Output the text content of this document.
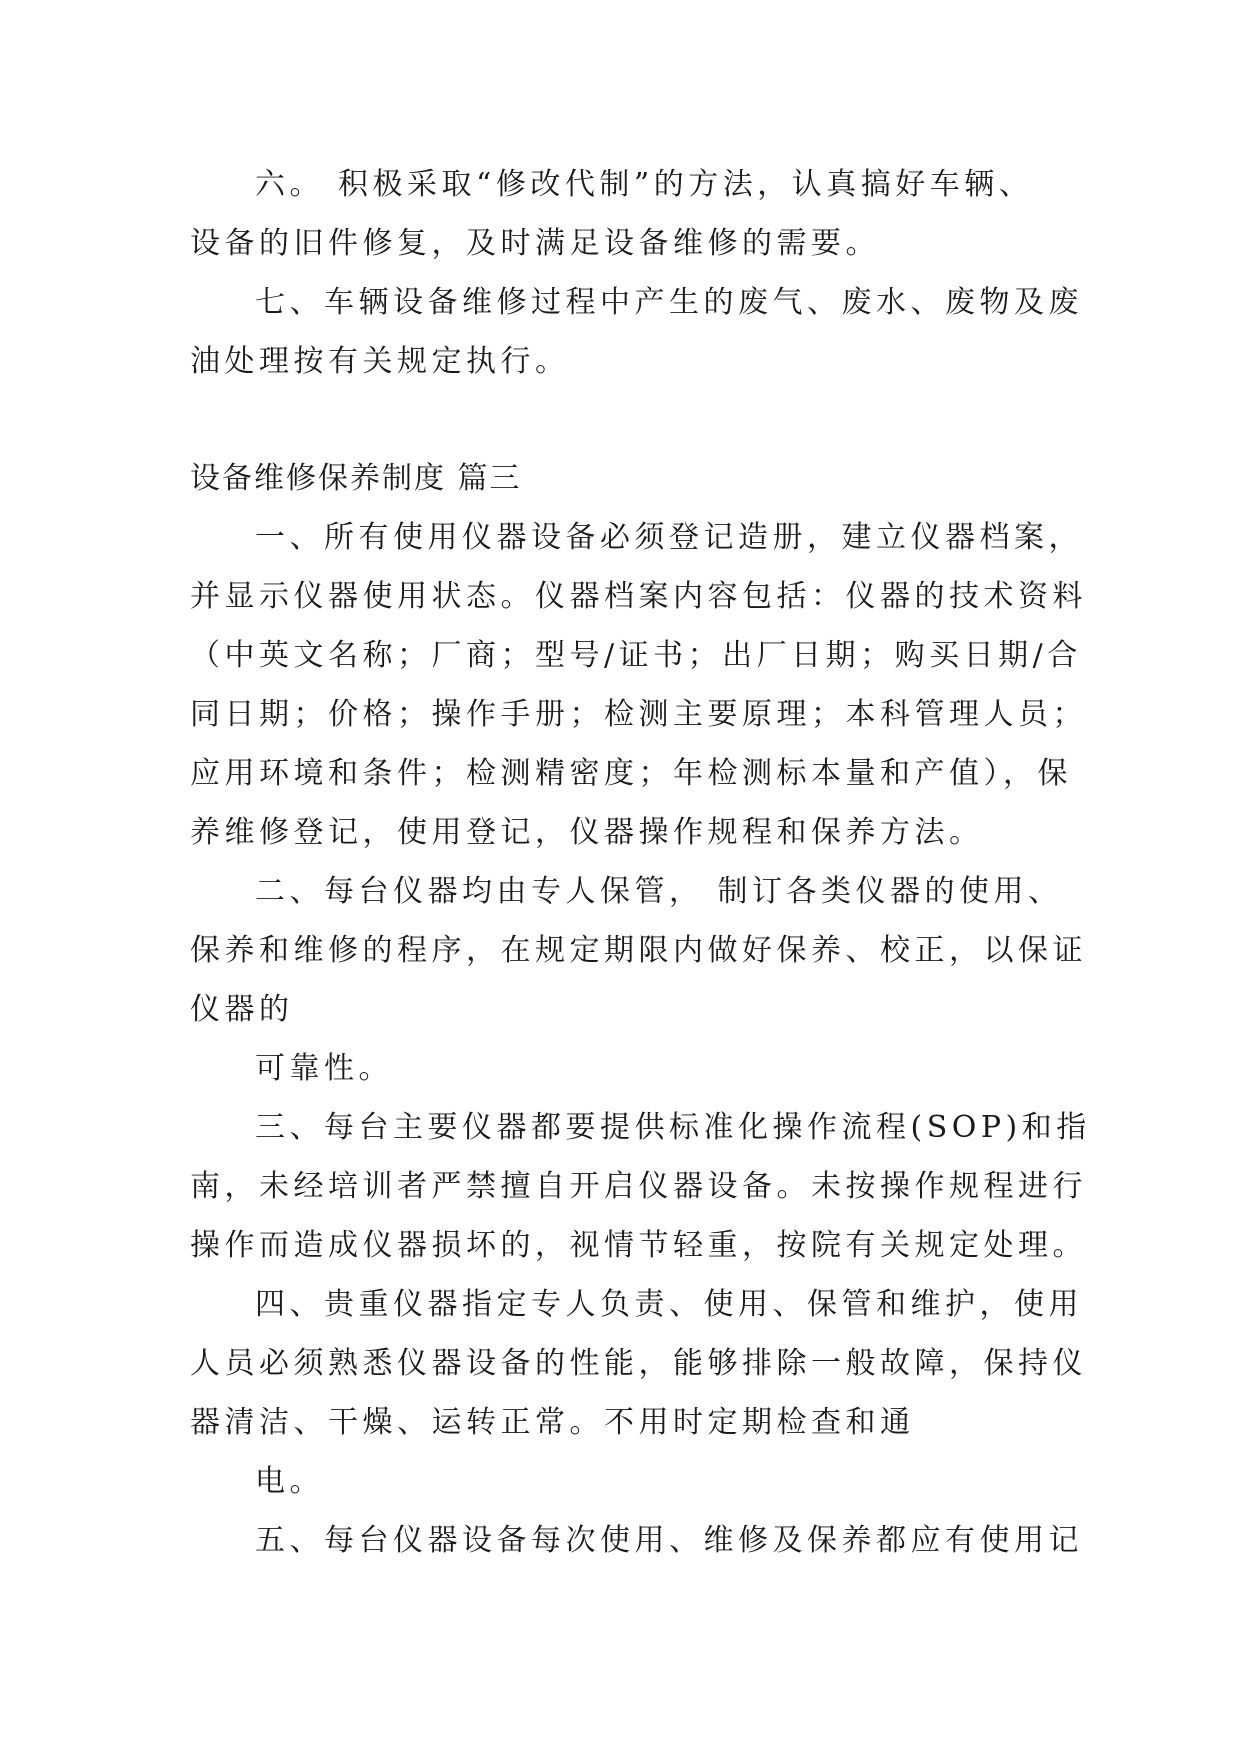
六。 积极采取“修改代制”的方法，认真搞好车辆、
设备的旧件修复，及时满足设备维修的需要。
七、车辆设备维修过程中产生的废气、废水、废物及废
油处理按有关规定执行。
设备维修保养制度 篇三
一、所有使用仪器设备必须登记造册，建立仪器档案，
并显示仪器使用状态。仪器档案内容包括：仪器的技术资料
（中英文名称；厂商；型号/证书；出厂日期；购买日期/合
同日期；价格；操作手册；检测主要原理；本科管理人员；
应用环境和条件；检测精密度；年检测标本量和产值），保
养维修登记，使用登记，仪器操作规程和保养方法。
二、每台仪器均由专人保管， 制订各类仪器的使用、
保养和维修的程序，在规定期限内做好保养、校正，以保证
仪器的
可靠性。
三、每台主要仪器都要提供标准化操作流程(SOP)和指
南，未经培训者严禁擅自开启仪器设备。未按操作规程进行
操作而造成仪器损坏的，视情节轻重，按院有关规定处理。
四、贵重仪器指定专人负责、使用、保管和维护，使用
人员必须熟悉仪器设备的性能，能够排除一般故障，保持仪
器清洁、干燥、运转正常。不用时定期检查和通
电。
五、每台仪器设备每次使用、维修及保养都应有使用记
